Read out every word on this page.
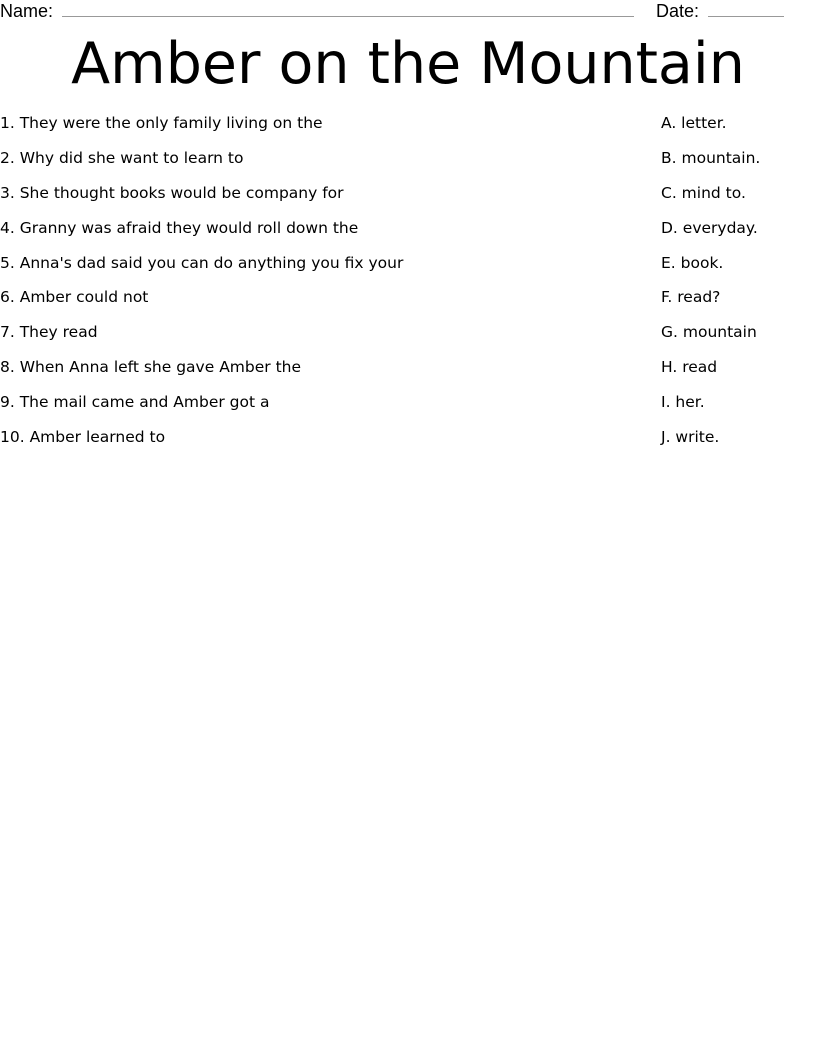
Name:	Date:
Amber on the Mountain
1. They were the only family living on the
2. Why did she want to learn to
3. She thought books would be company for
4. Granny was afraid they would roll down the
5. Anna's dad said you can do anything you fix your
6. Amber could not
7. They read
8. When Anna left she gave Amber the
9. The mail came and Amber got a
10. Amber learned to
A. letter.
B. mountain.
C. mind to.
D. everyday.
E. book.
F. read?
G. mountain
H. read
I. her.
J. write.
